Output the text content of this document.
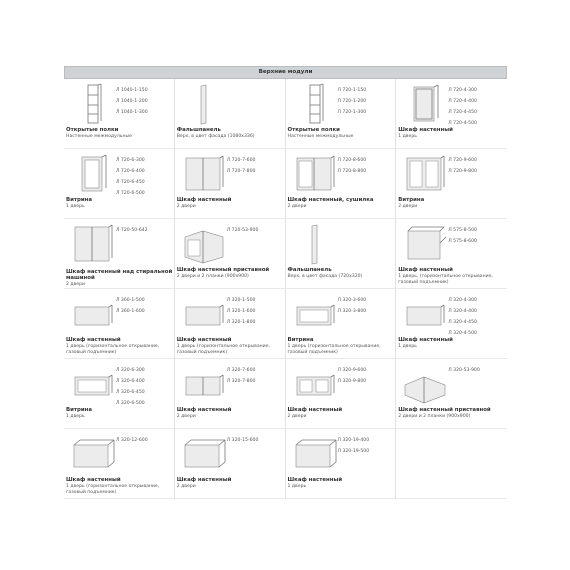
Верхние модули
Л 1040-1-150
Л 1040-1-200
Л 1040-1-300
Открытые полки
Настенные межмодульные
Фальшпанель
Верх, в цвет фасада (1080x336)
Л 720-1-150
Л 720-1-200
Л 720-1-300
Открытые полки
Настенные межмодульные
Л 720-4-300
Л 720-4-400
Л 720-4-450
Л 720-4-500
Шкаф настенный
1 дверь
Л 720-6-300
Л 720-6-400
Л 720-6-450
Л 720-6-500
Витрина
1 дверь
Л 720-7-600
Л 720-7-800
Шкаф настенный
2 двери
Л 720-8-600
Л 720-8-800
Шкаф настенный, сушилка
2 двери
Л 720-9-600
Л 720-9-800
Витрина
2 двери
Л 720-50-642
Шкаф настенный над стиральной машиной
2 двери
Л 720-53-900
Шкаф настенный приставной
2 двери и 2 планки (900x900)
Фальшпанель
Верх, в цвет фасада (720x320)
Л 575-8-500
Л 575-8-600
Шкаф настенный
1 дверь, (горизонтальное открывание, газовый подъемник)
Л 360-1-500
Л 360-1-600
Шкаф настенный
1 дверь (горизонтальное открывание, газовый подъемник)
Л 320-1-500
Л 320-1-600
Л 320-1-800
Шкаф настенный
1 дверь (горизонтальное открывание, газовый подъемник)
Л 320-3-600
Л 320-3-800
Витрина
1 дверь (горизонтальное открывание, газовый подъемник)
Л 320-4-300
Л 320-4-400
Л 320-4-450
Л 320-4-500
Шкаф настенный
1 дверь
Л 320-6-300
Л 320-6-400
Л 320-6-450
Л 320-6-500
Витрина
1 дверь
Л 320-7-600
Л 320-7-800
Шкаф настенный
2 двери
Л 320-9-600
Л 320-9-800
Шкаф настенный
2 двери
Л 320-53-900
Шкаф настенный приставной
2 двери и 2 планки (900x900)
Л 320-12-600
Шкаф настенный
1 дверь (горизонтальное открывание, газовый подъемник)
Л 320-15-600
Шкаф настенный
2 двери
Л 320-19-400
Л 320-19-500
Шкаф настенный
1 дверь
